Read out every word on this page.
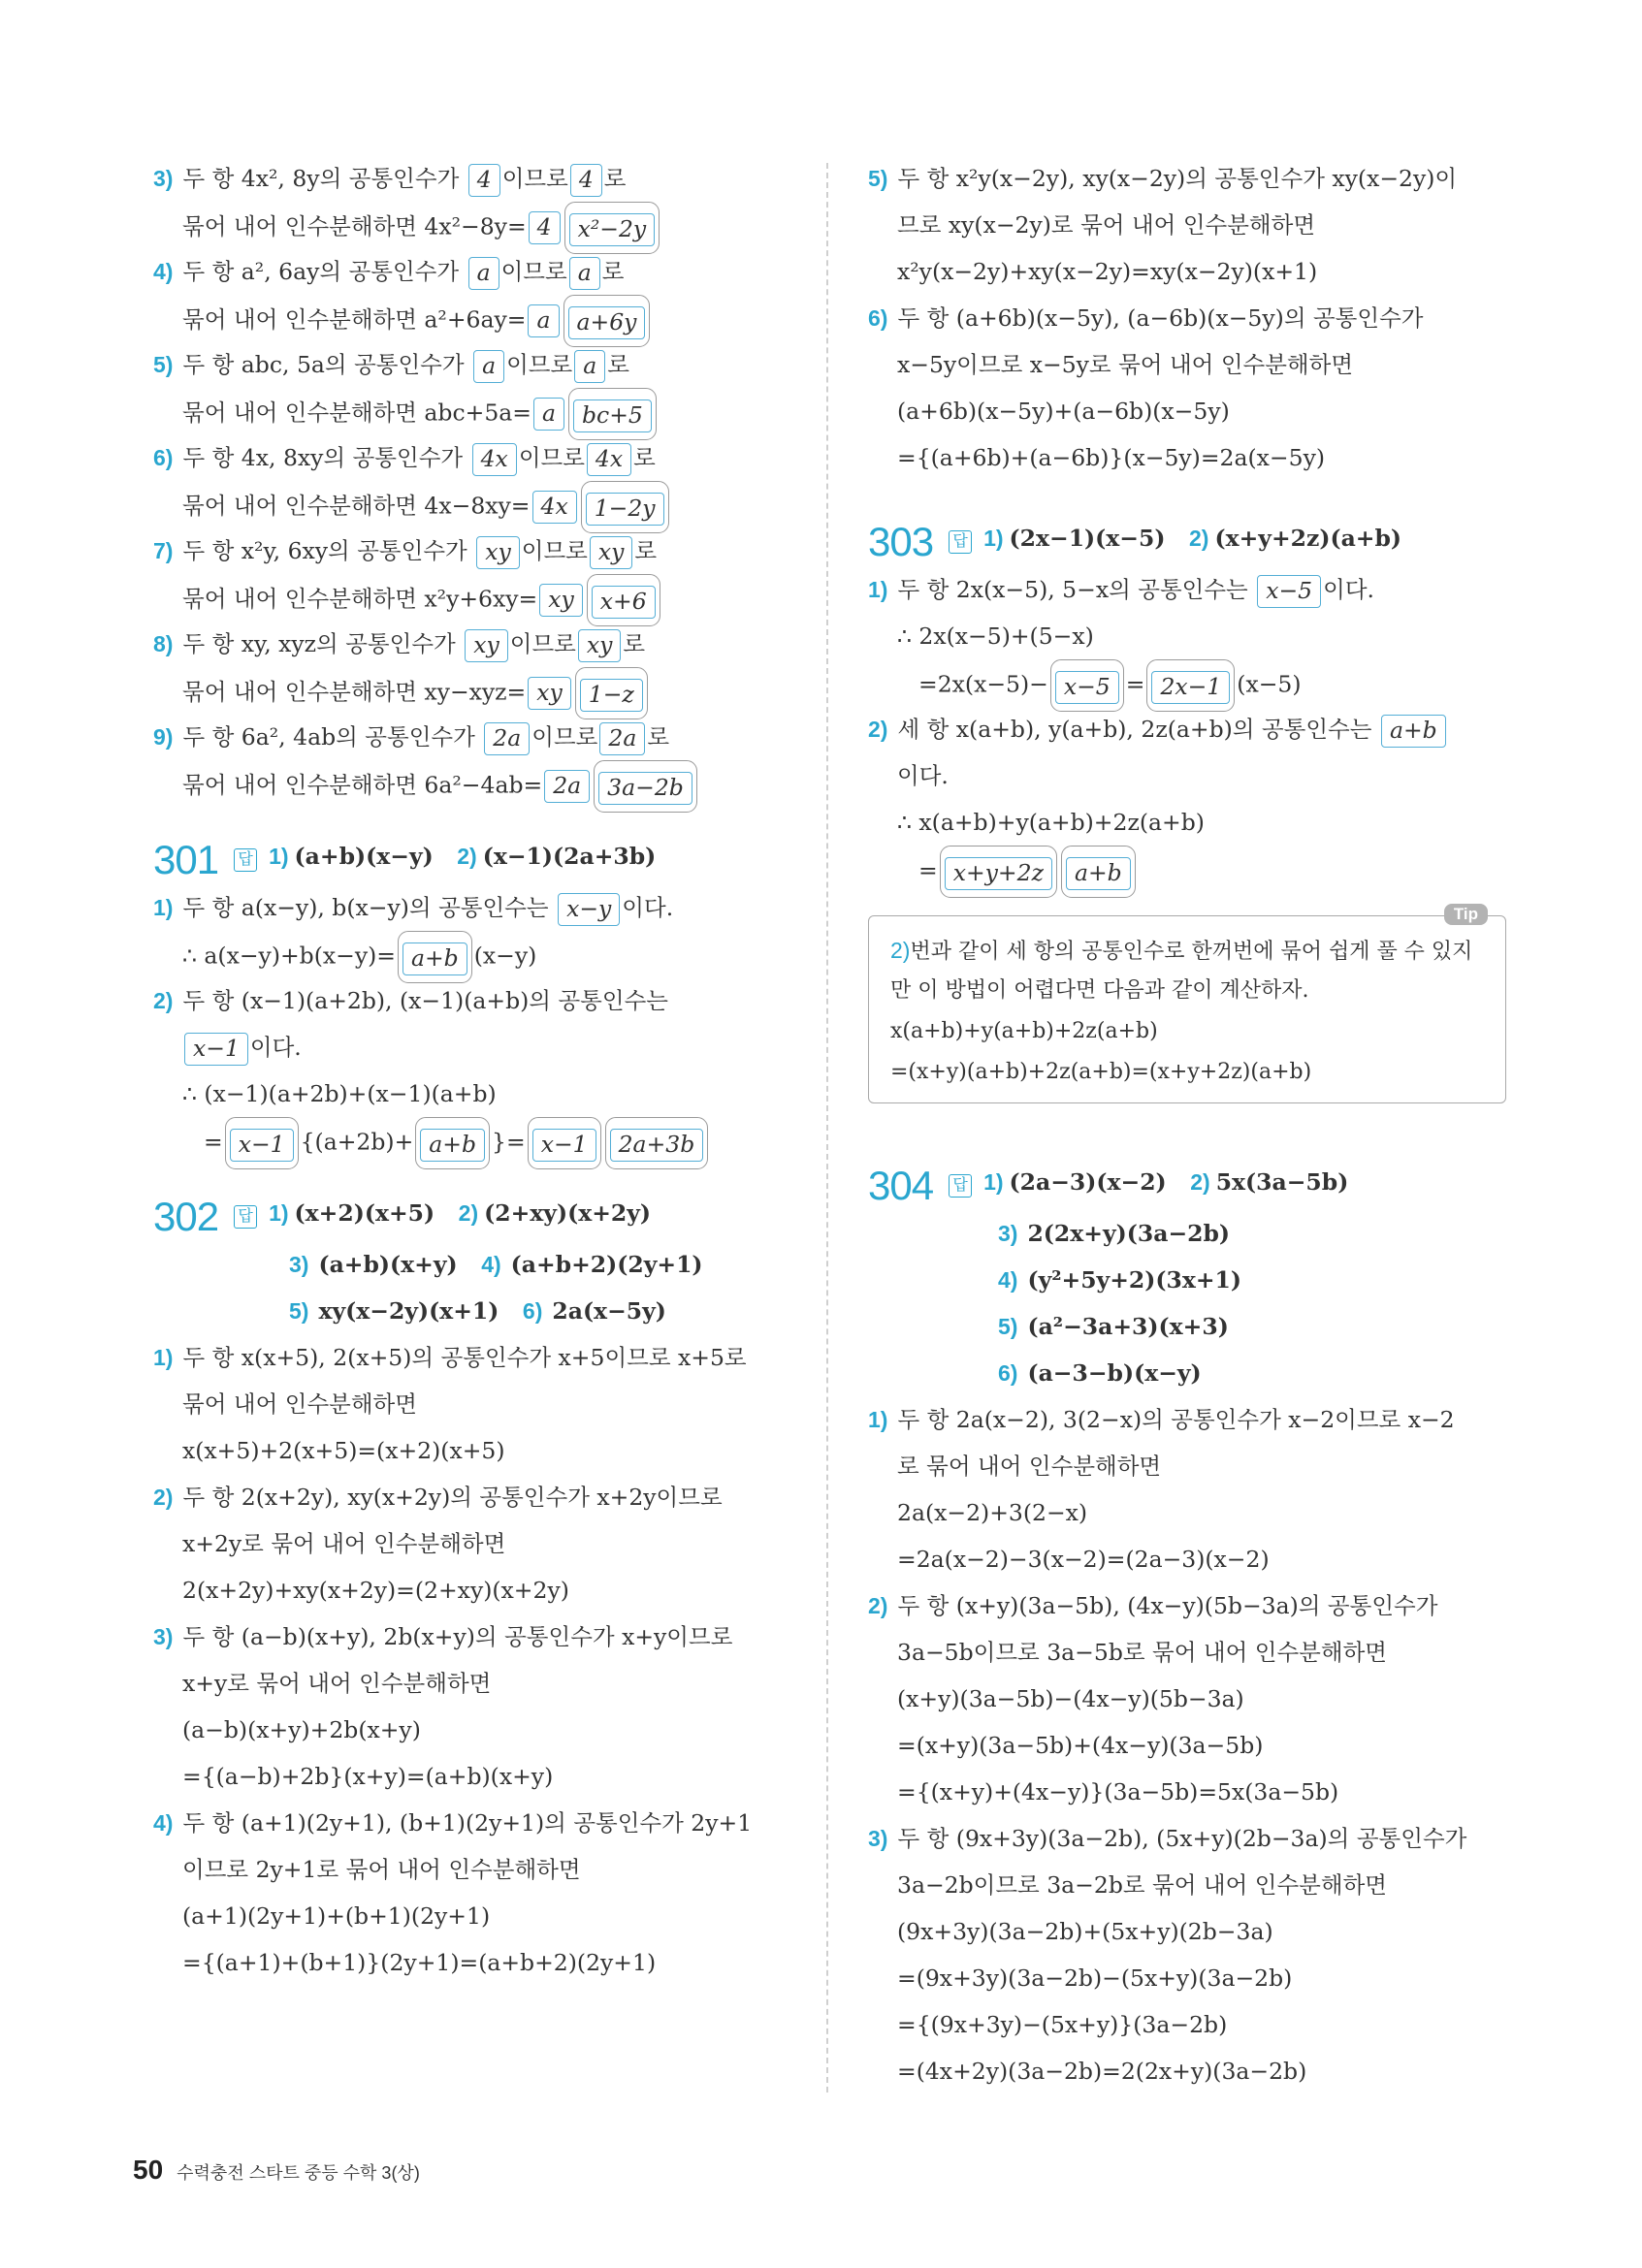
3) 두 항 4x², 8y의 공통인수가 4 이므로 4 로
묶어 내어 인수분해하면 4x²−8y= 4 x²−2y
4) 두 항 a², 6ay의 공통인수가 a 이므로 a 로
묶어 내어 인수분해하면 a²+6ay= a a+6y
5) 두 항 abc, 5a의 공통인수가 a 이므로 a 로
묶어 내어 인수분해하면 abc+5a= a bc+5
6) 두 항 4x, 8xy의 공통인수가 4x 이므로 4x 로
묶어 내어 인수분해하면 4x−8xy= 4x 1−2y
7) 두 항 x²y, 6xy의 공통인수가 xy 이므로 xy 로
묶어 내어 인수분해하면 x²y+6xy= xy x+6
8) 두 항 xy, xyz의 공통인수가 xy 이므로 xy 로
묶어 내어 인수분해하면 xy−xyz= xy 1−z
9) 두 항 6a², 4ab의 공통인수가 2a 이므로 2a 로
묶어 내어 인수분해하면 6a²−4ab= 2a 3a−2b
301 답 1) (a+b)(x−y) 2) (x−1)(2a+3b)
1) 두 항 a(x−y), b(x−y)의 공통인수는 x−y 이다.
∴ a(x−y)+b(x−y)= a+b (x−y)
2) 두 항 (x−1)(a+2b), (x−1)(a+b)의 공통인수는
x−1 이다.
∴ (x−1)(a+2b)+(x−1)(a+b)
= x−1 {(a+2b)+ a+b }= x−1 2a+3b
302 답 1) (x+2)(x+5) 2) (2+xy)(x+2y)
3) (a+b)(x+y) 4) (a+b+2)(2y+1)
5) xy(x−2y)(x+1) 6) 2a(x−5y)
1) 두 항 x(x+5), 2(x+5)의 공통인수가 x+5이므로 x+5로
묶어 내어 인수분해하면
x(x+5)+2(x+5)=(x+2)(x+5)
2) 두 항 2(x+2y), xy(x+2y)의 공통인수가 x+2y이므로
x+2y로 묶어 내어 인수분해하면
2(x+2y)+xy(x+2y)=(2+xy)(x+2y)
3) 두 항 (a−b)(x+y), 2b(x+y)의 공통인수가 x+y이므로
x+y로 묶어 내어 인수분해하면
(a−b)(x+y)+2b(x+y)
={(a−b)+2b}(x+y)=(a+b)(x+y)
4) 두 항 (a+1)(2y+1), (b+1)(2y+1)의 공통인수가 2y+1
이므로 2y+1로 묶어 내어 인수분해하면
(a+1)(2y+1)+(b+1)(2y+1)
={(a+1)+(b+1)}(2y+1)=(a+b+2)(2y+1)
5) 두 항 x²y(x−2y), xy(x−2y)의 공통인수가 xy(x−2y)이
므로 xy(x−2y)로 묶어 내어 인수분해하면
x²y(x−2y)+xy(x−2y)=xy(x−2y)(x+1)
6) 두 항 (a+6b)(x−5y), (a−6b)(x−5y)의 공통인수가
x−5y이므로 x−5y로 묶어 내어 인수분해하면
(a+6b)(x−5y)+(a−6b)(x−5y)
={(a+6b)+(a−6b)}(x−5y)=2a(x−5y)
303 답 1) (2x−1)(x−5) 2) (x+y+2z)(a+b)
1) 두 항 2x(x−5), 5−x의 공통인수는 x−5 이다.
∴ 2x(x−5)+(5−x)
=2x(x−5)− x−5 = 2x−1 (x−5)
2) 세 항 x(a+b), y(a+b), 2z(a+b)의 공통인수는 a+b
이다.
∴ x(a+b)+y(a+b)+2z(a+b)
= x+y+2z a+b
Tip
2)번과 같이 세 항의 공통인수로 한꺼번에 묶어 쉽게 풀 수 있지
만 이 방법이 어렵다면 다음과 같이 계산하자.
x(a+b)+y(a+b)+2z(a+b)
=(x+y)(a+b)+2z(a+b)=(x+y+2z)(a+b)
304 답 1) (2a−3)(x−2) 2) 5x(3a−5b)
3) 2(2x+y)(3a−2b)
4) (y²+5y+2)(3x+1)
5) (a²−3a+3)(x+3)
6) (a−3−b)(x−y)
1) 두 항 2a(x−2), 3(2−x)의 공통인수가 x−2이므로 x−2
로 묶어 내어 인수분해하면
2a(x−2)+3(2−x)
=2a(x−2)−3(x−2)=(2a−3)(x−2)
2) 두 항 (x+y)(3a−5b), (4x−y)(5b−3a)의 공통인수가
3a−5b이므로 3a−5b로 묶어 내어 인수분해하면
(x+y)(3a−5b)−(4x−y)(5b−3a)
=(x+y)(3a−5b)+(4x−y)(3a−5b)
={(x+y)+(4x−y)}(3a−5b)=5x(3a−5b)
3) 두 항 (9x+3y)(3a−2b), (5x+y)(2b−3a)의 공통인수가
3a−2b이므로 3a−2b로 묶어 내어 인수분해하면
(9x+3y)(3a−2b)+(5x+y)(2b−3a)
=(9x+3y)(3a−2b)−(5x+y)(3a−2b)
={(9x+3y)−(5x+y)}(3a−2b)
=(4x+2y)(3a−2b)=2(2x+y)(3a−2b)
50 수력충전 스타트 중등 수학 3(상)
